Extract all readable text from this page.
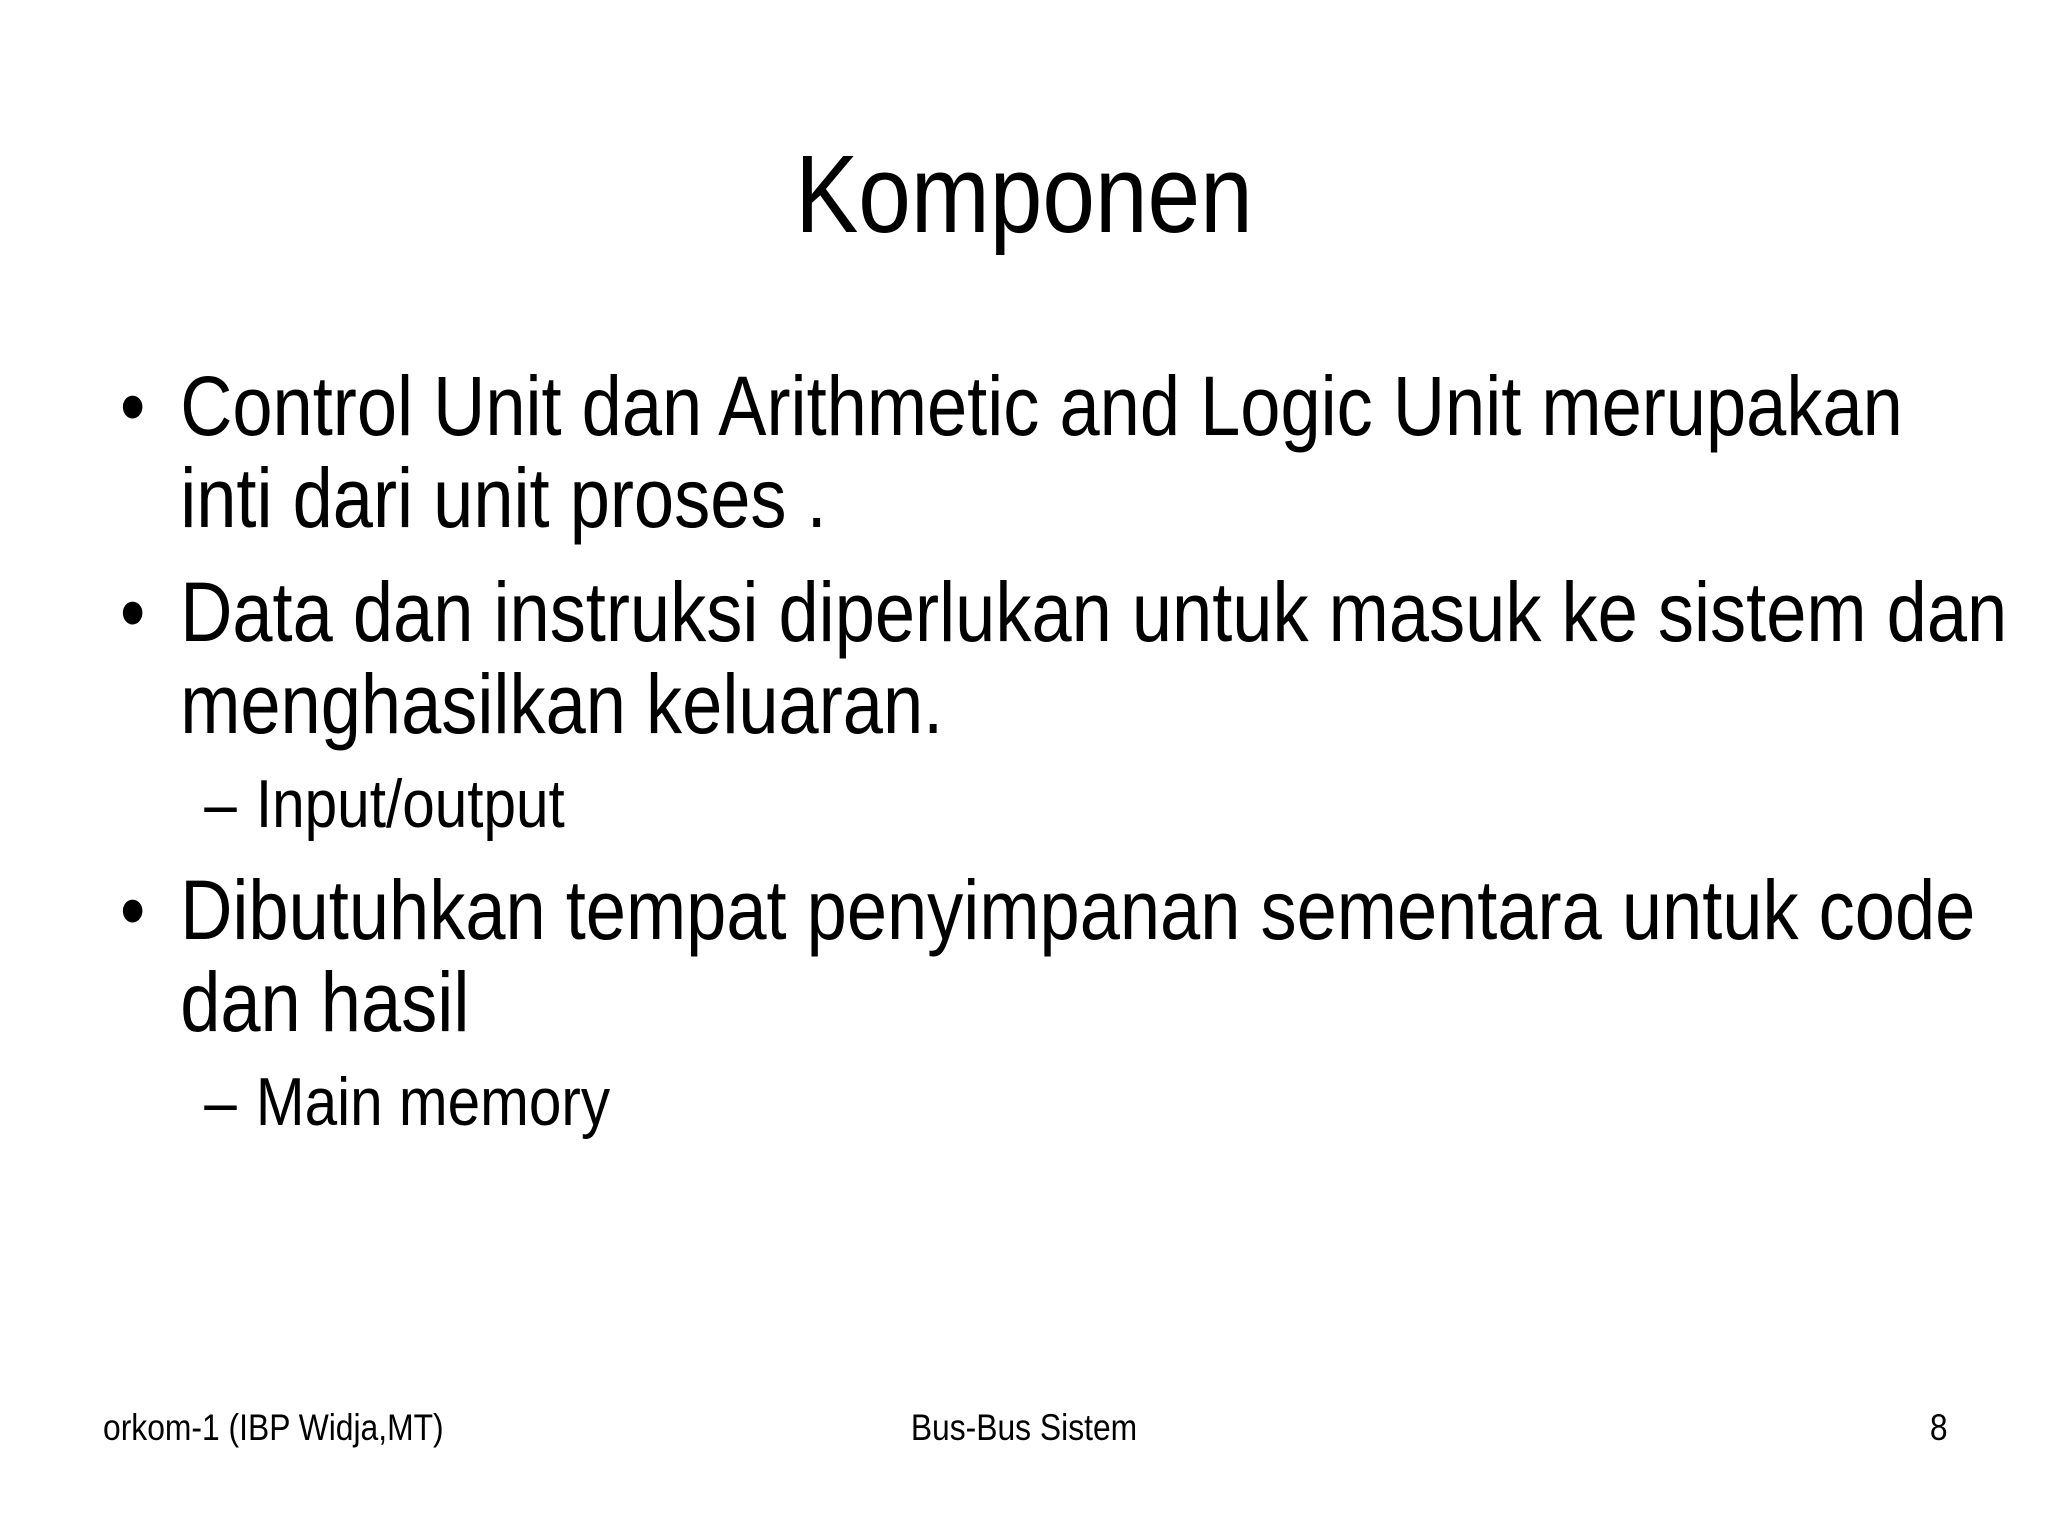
Komponen
• Control Unit dan Arithmetic and Logic Unit merupakan inti dari unit proses .
• Data dan instruksi diperlukan untuk masuk ke sistem dan menghasilkan keluaran.
– Input/output
• Dibutuhkan tempat penyimpanan sementara untuk code dan hasil
– Main memory
orkom-1 (IBP Widja,MT)	Bus-Bus Sistem	8
